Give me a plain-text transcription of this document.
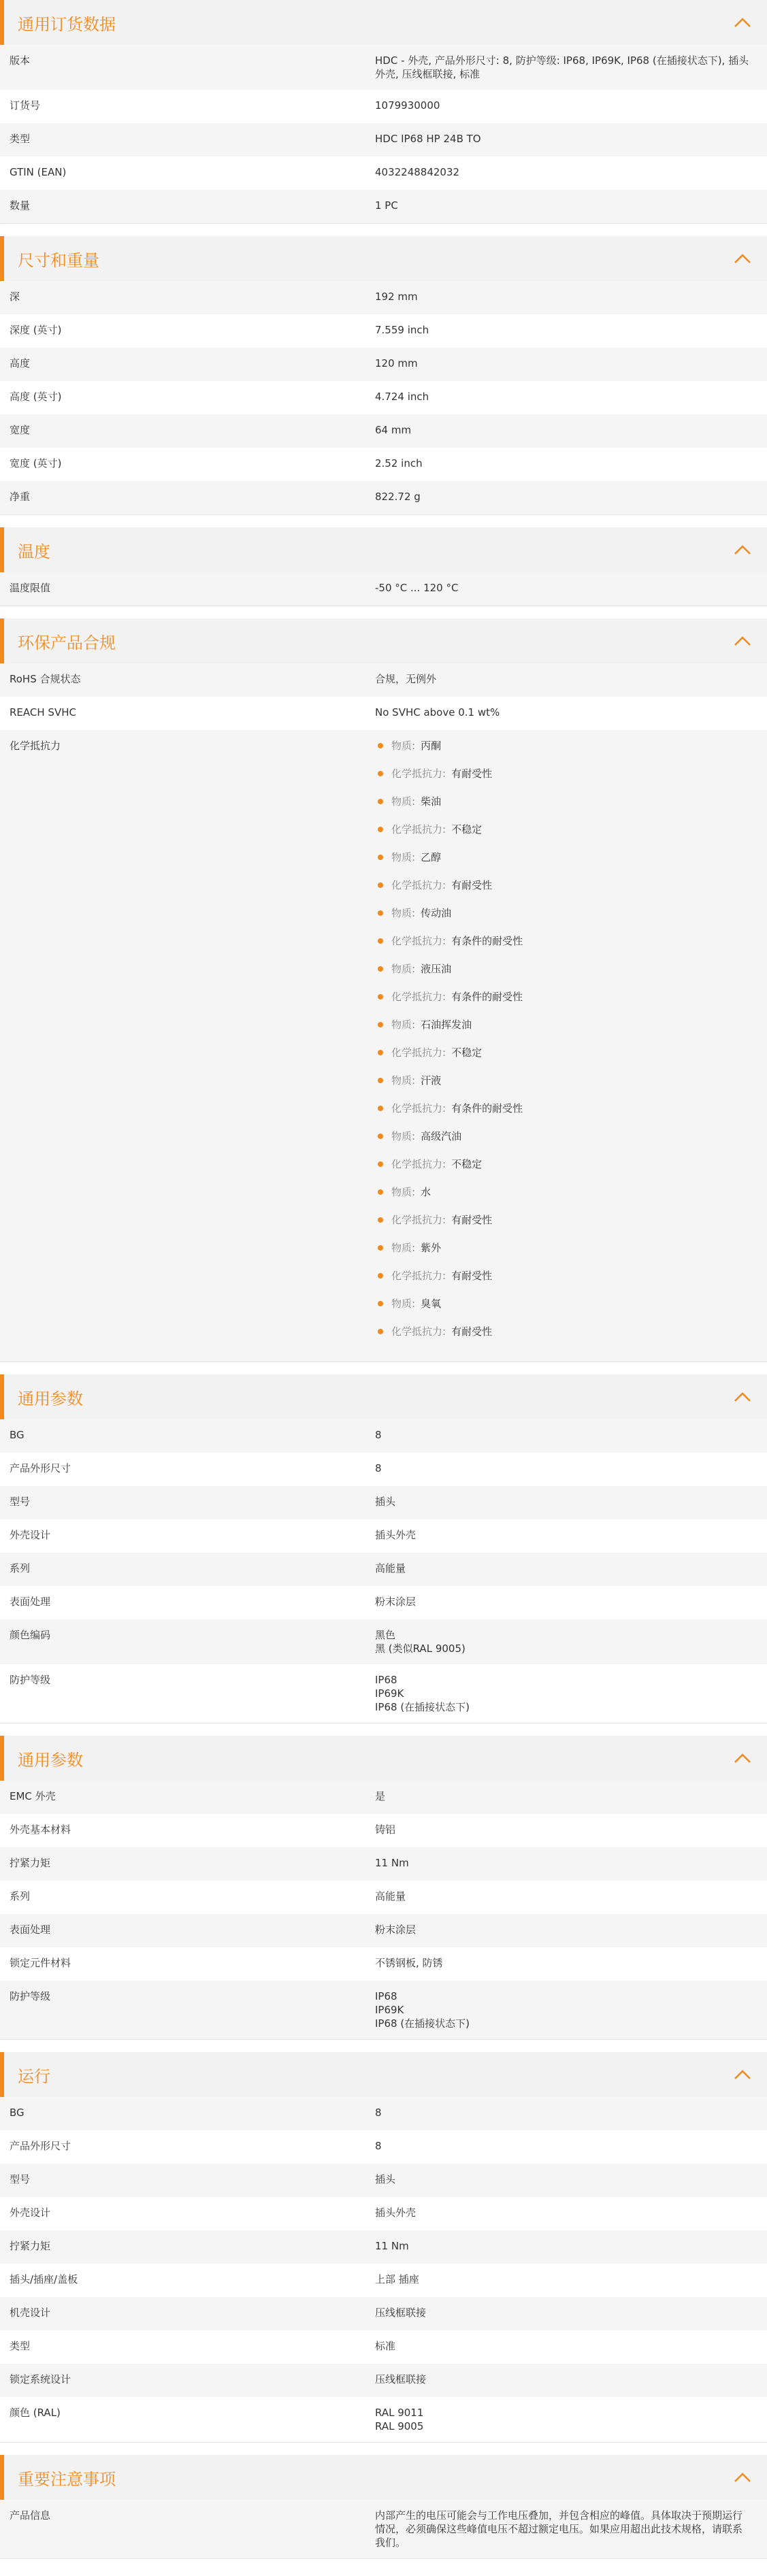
通用订货数据
版本	HDC - 外壳, 产品外形尺寸: 8, 防护等级: IP68, IP69K, IP68 (在插接状态下), 插头外壳, 压线框联接, 标准
订货号	1079930000
类型	HDC IP68 HP 24B TO
GTIN (EAN)	4032248842032
数量	1 PC
尺寸和重量
深	192 mm
深度 (英寸)	7.559 inch
高度	120 mm
高度 (英寸)	4.724 inch
宽度	64 mm
宽度 (英寸)	2.52 inch
净重	822.72 g
温度
温度限值	-50 °C ... 120 °C
环保产品合规
RoHS 合规状态	合规，无例外
REACH SVHC	No SVHC above 0.1 wt%
化学抵抗力	物质: 丙酮
化学抵抗力: 有耐受性
物质: 柴油
化学抵抗力: 不稳定
物质: 乙醇
化学抵抗力: 有耐受性
物质: 传动油
化学抵抗力: 有条件的耐受性
物质: 液压油
化学抵抗力: 有条件的耐受性
物质: 石油挥发油
化学抵抗力: 不稳定
物质: 汗液
化学抵抗力: 有条件的耐受性
物质: 高级汽油
化学抵抗力: 不稳定
物质: 水
化学抵抗力: 有耐受性
物质: 紫外
化学抵抗力: 有耐受性
物质: 臭氧
化学抵抗力: 有耐受性
通用参数
BG	8
产品外形尺寸	8
型号	插头
外壳设计	插头外壳
系列	高能量
表面处理	粉末涂层
颜色编码	黑色
黑 (类似RAL 9005)
防护等级	IP68
IP69K
IP68 (在插接状态下)
通用参数
EMC 外壳	是
外壳基本材料	铸铝
拧紧力矩	11 Nm
系列	高能量
表面处理	粉末涂层
锁定元件材料	不锈钢板, 防锈
防护等级	IP68
IP69K
IP68 (在插接状态下)
运行
BG	8
产品外形尺寸	8
型号	插头
外壳设计	插头外壳
拧紧力矩	11 Nm
插头/插座/盖板	上部 插座
机壳设计	压线框联接
类型	标准
锁定系统设计	压线框联接
颜色 (RAL)	RAL 9011
RAL 9005
重要注意事项
产品信息	内部产生的电压可能会与工作电压叠加，并包含相应的峰值。具体取决于预期运行情况，必须确保这些峰值电压不超过额定电压。如果应用超出此技术规格，请联系我们。
